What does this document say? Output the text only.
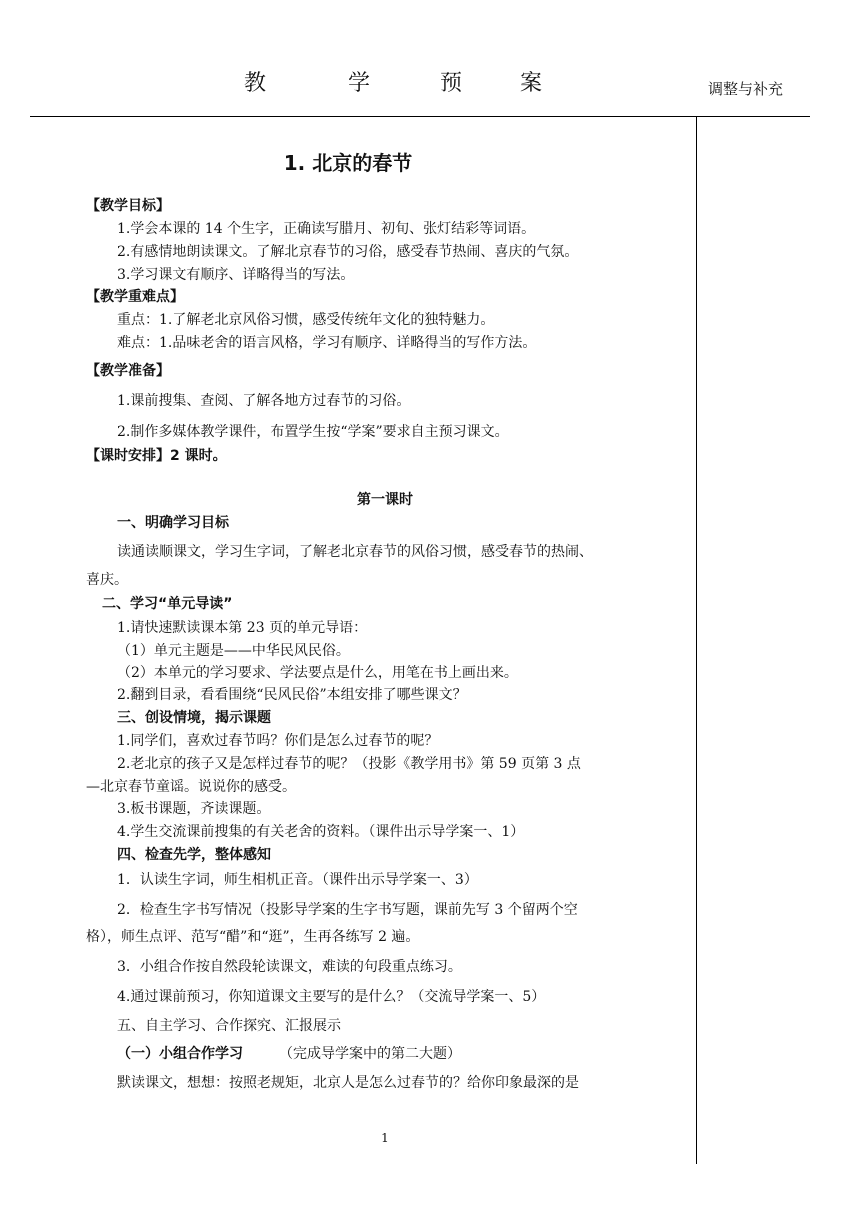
教	学	预	案	调整与补充
1. 北京的春节
【教学目标】
1.学会本课的 14 个生字，正确读写腊月、初旬、张灯结彩等词语。
2.有感情地朗读课文。了解北京春节的习俗，感受春节热闹、喜庆的气氛。
3.学习课文有顺序、详略得当的写法。
【教学重难点】
重点：1.了解老北京风俗习惯，感受传统年文化的独特魅力。
难点：1.品味老舍的语言风格，学习有顺序、详略得当的写作方法。
【教学准备】
1.课前搜集、查阅、了解各地方过春节的习俗。
2.制作多媒体教学课件，布置学生按“学案”要求自主预习课文。
【课时安排】2 课时。
第一课时
一、明确学习目标
读通读顺课文，学习生字词，了解老北京春节的风俗习惯，感受春节的热闹、
喜庆。
二、学习“单元导读”
1.请快速默读课本第 23 页的单元导语：
（1）单元主题是——中华民风民俗。
（2）本单元的学习要求、学法要点是什么，用笔在书上画出来。
2.翻到目录，看看围绕“民风民俗”本组安排了哪些课文？
三、创设情境，揭示课题
1.同学们，喜欢过春节吗？你们是怎么过春节的呢？
2.老北京的孩子又是怎样过春节的呢？（投影《教学用书》第 59 页第 3 点
—北京春节童谣。说说你的感受。
3.板书课题，齐读课题。
4.学生交流课前搜集的有关老舍的资料。（课件出示导学案一、1）
四、检查先学，整体感知
1．认读生字词，师生相机正音。（课件出示导学案一、3）
2．检查生字书写情况（投影导学案的生字书写题，课前先写 3 个留两个空
格），师生点评、范写“醋”和“逛”，生再各练写 2 遍。
3．小组合作按自然段轮读课文，难读的句段重点练习。
4.通过课前预习，你知道课文主要写的是什么？（交流导学案一、5）
五、自主学习、合作探究、汇报展示
（一）小组合作学习	（完成导学案中的第二大题）
默读课文，想想：按照老规矩，北京人是怎么过春节的？给你印象最深的是
1
